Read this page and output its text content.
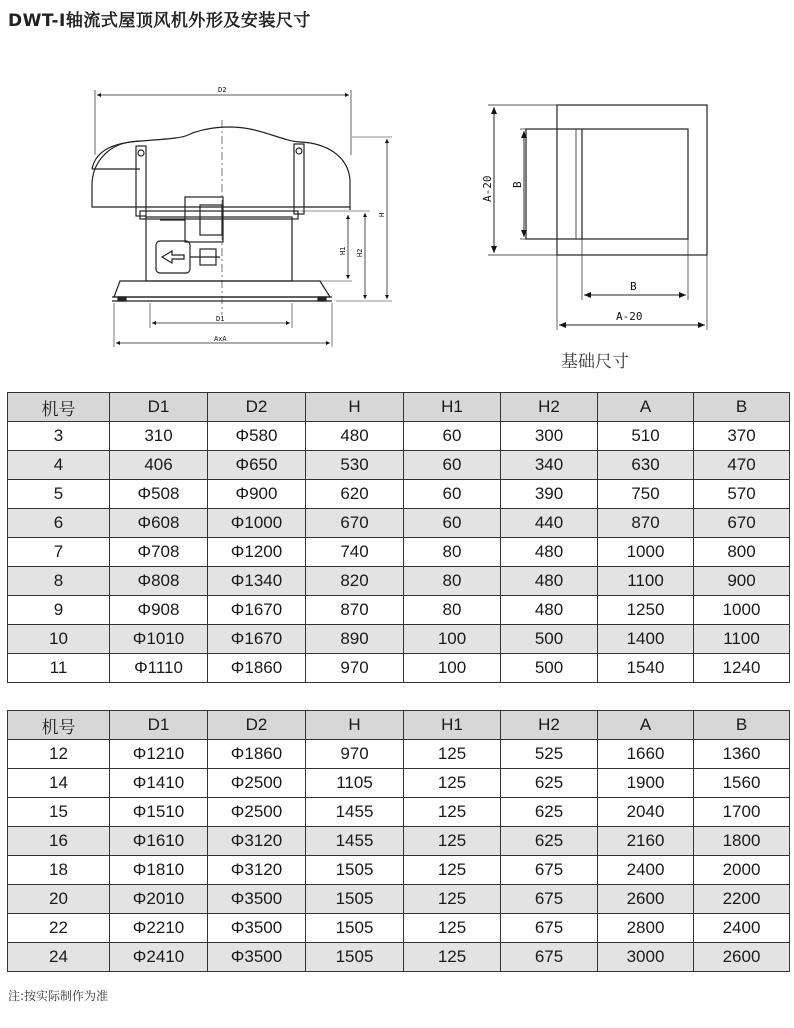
DWT-Ⅰ轴流式屋顶风机外形及安装尺寸
D2
D1
AxA
H
H2
H1
A-20 B
B
A-20
基础尺寸
机号	D1	D2	H	H1	H2	A	B
3	310	Φ580	480	60	300	510	370
4	406	Φ650	530	60	340	630	470
5	Φ508	Φ900	620	60	390	750	570
6	Φ608	Φ1000	670	60	440	870	670
7	Φ708	Φ1200	740	80	480	1000	800
8	Φ808	Φ1340	820	80	480	1100	900
9	Φ908	Φ1670	870	80	480	1250	1000
10	Φ1010	Φ1670	890	100	500	1400	1100
11	Φ1110	Φ1860	970	100	500	1540	1240
机号	D1	D2	H	H1	H2	A	B
12	Φ1210	Φ1860	970	125	525	1660	1360
14	Φ1410	Φ2500	1105	125	625	1900	1560
15	Φ1510	Φ2500	1455	125	625	2040	1700
16	Φ1610	Φ3120	1455	125	625	2160	1800
18	Φ1810	Φ3120	1505	125	675	2400	2000
20	Φ2010	Φ3500	1505	125	675	2600	2200
22	Φ2210	Φ3500	1505	125	675	2800	2400
24	Φ2410	Φ3500	1505	125	675	3000	2600
注:按实际制作为准
